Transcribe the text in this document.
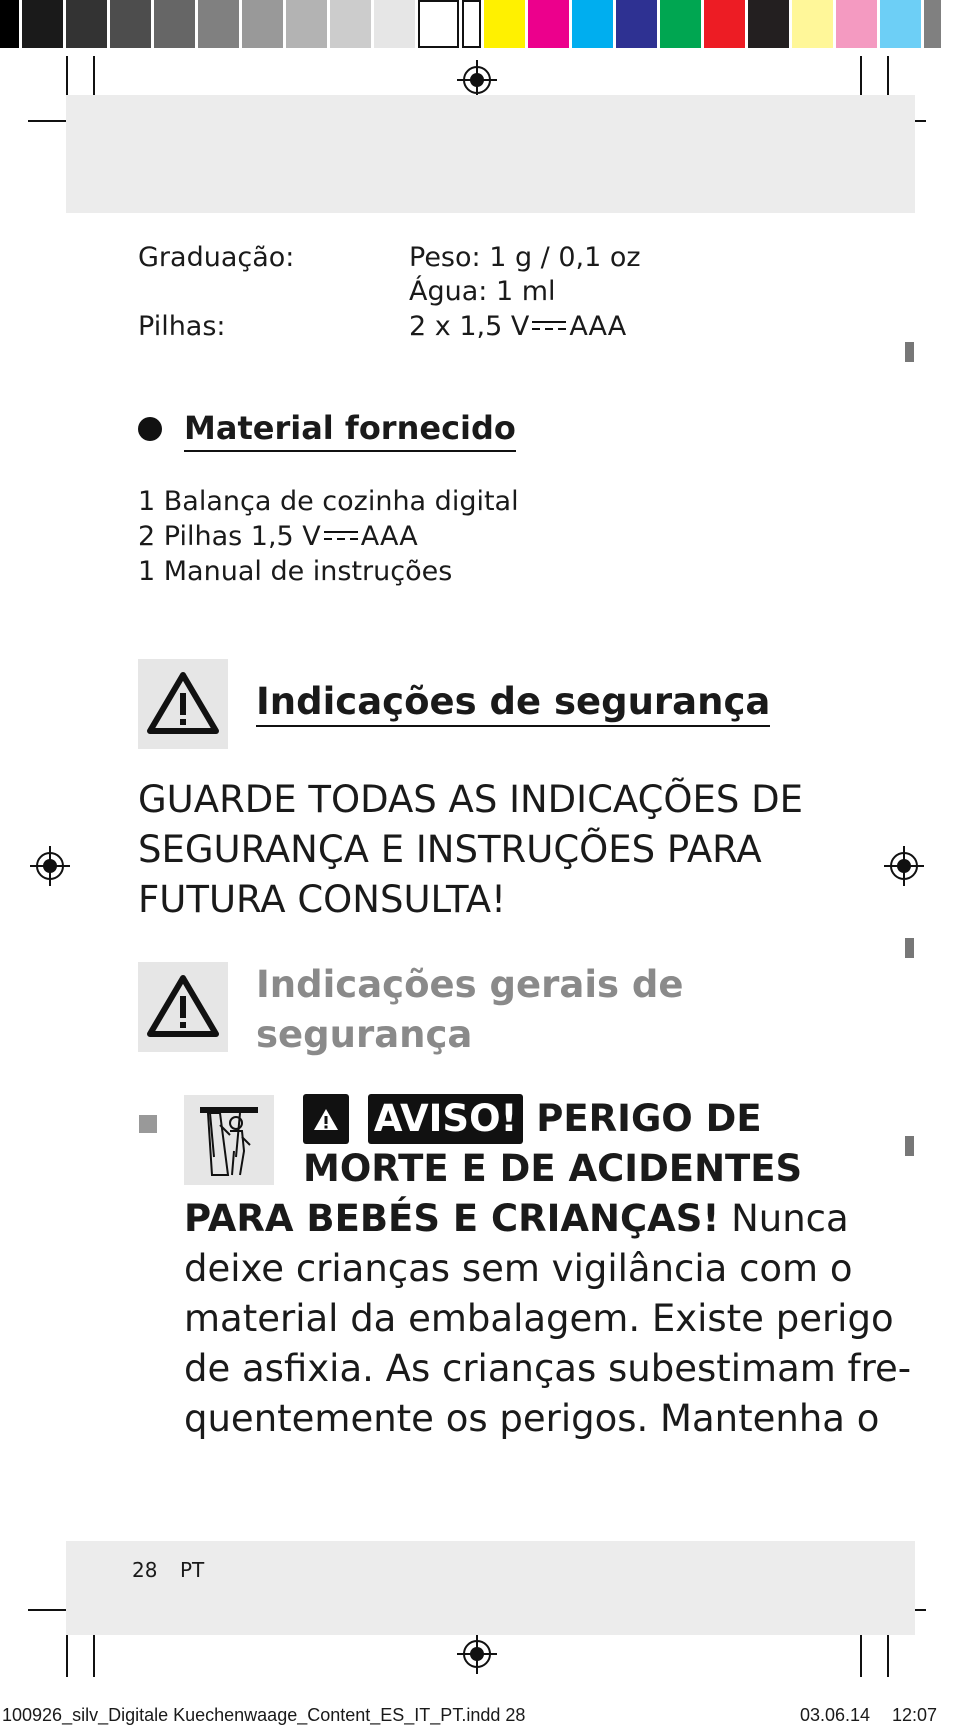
Graduação:	Peso: 1 g / 0,1 oz
Água: 1 ml
Pilhas:	2 x 1,5 V AAA
Material fornecido
1 Balança de cozinha digital
2 Pilhas 1,5 V AAA
1 Manual de instruções
Indicações de segurança
GUARDE TODAS AS INDICAÇÕES DE
SEGURANÇA E INSTRUÇÕES PARA
FUTURA CONSULTA!
Indicações gerais de
segurança
AVISO! PERIGO DE
MORTE E DE ACIDENTES
PARA BEBÉS E CRIANÇAS! Nunca
deixe crianças sem vigilância com o
material da embalagem. Existe perigo
de asfixia. As crianças subestimam fre-
quentemente os perigos. Mantenha o
28 PT
100926_silv_Digitale Kuechenwaage_Content_ES_IT_PT.indd 28	03.06.14 12:07
